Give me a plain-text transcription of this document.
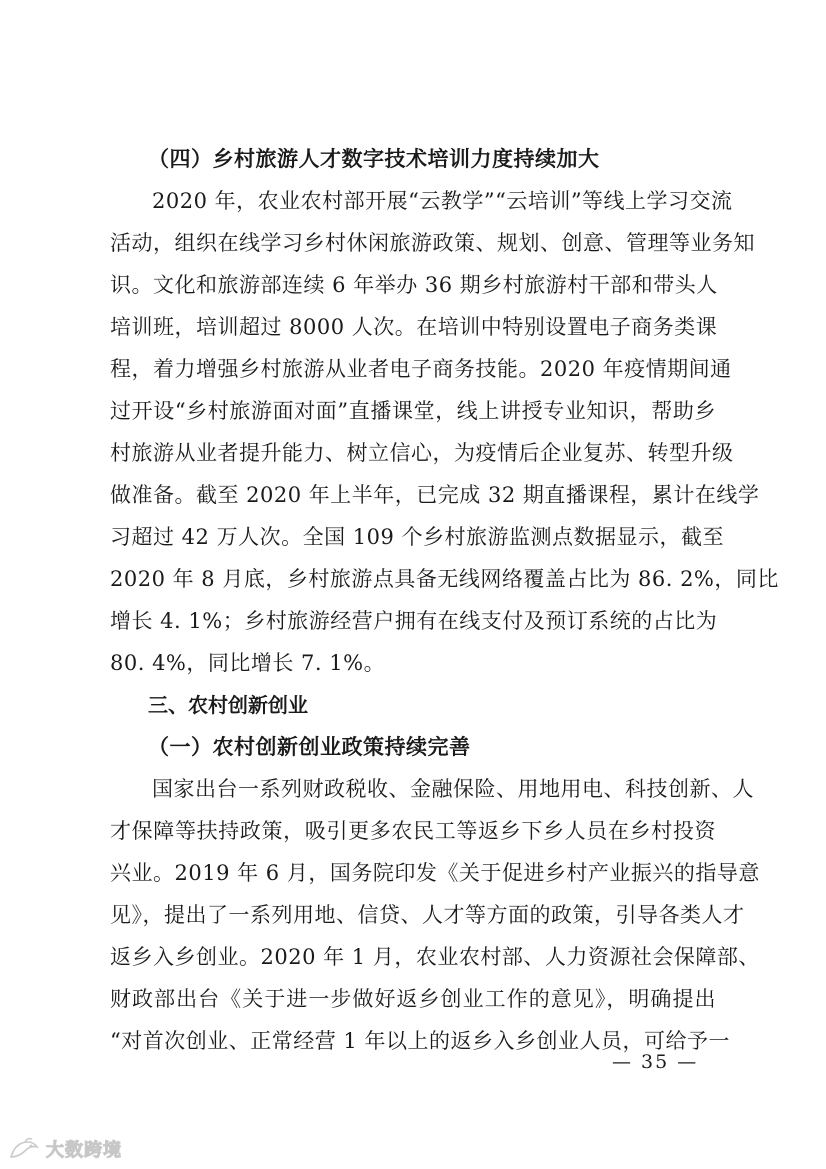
（四）乡村旅游人才数字技术培训力度持续加大
2020 年，农业农村部开展“云教学”“云培训”等线上学习交流
活动，组织在线学习乡村休闲旅游政策、规划、创意、管理等业务知
识。文化和旅游部连续 6 年举办 36 期乡村旅游村干部和带头人
培训班，培训超过 8000 人次。在培训中特别设置电子商务类课
程，着力增强乡村旅游从业者电子商务技能。2020 年疫情期间通
过开设“乡村旅游面对面”直播课堂，线上讲授专业知识，帮助乡
村旅游从业者提升能力、树立信心，为疫情后企业复苏、转型升级
做准备。截至 2020 年上半年，已完成 32 期直播课程，累计在线学
习超过 42 万人次。全国 109 个乡村旅游监测点数据显示，截至
2020 年 8 月底，乡村旅游点具备无线网络覆盖占比为 86. 2%，同比
增长 4. 1%；乡村旅游经营户拥有在线支付及预订系统的占比为
80. 4%，同比增长 7. 1%。
三、农村创新创业
（一）农村创新创业政策持续完善
国家出台一系列财政税收、金融保险、用地用电、科技创新、人
才保障等扶持政策，吸引更多农民工等返乡下乡人员在乡村投资
兴业。2019 年 6 月，国务院印发《关于促进乡村产业振兴的指导意
见》，提出了一系列用地、信贷、人才等方面的政策，引导各类人才
返乡入乡创业。2020 年 1 月，农业农村部、人力资源社会保障部、
财政部出台《关于进一步做好返乡创业工作的意见》，明确提出
“对首次创业、正常经营 1 年以上的返乡入乡创业人员，可给予一
— 35 —
大数跨境
